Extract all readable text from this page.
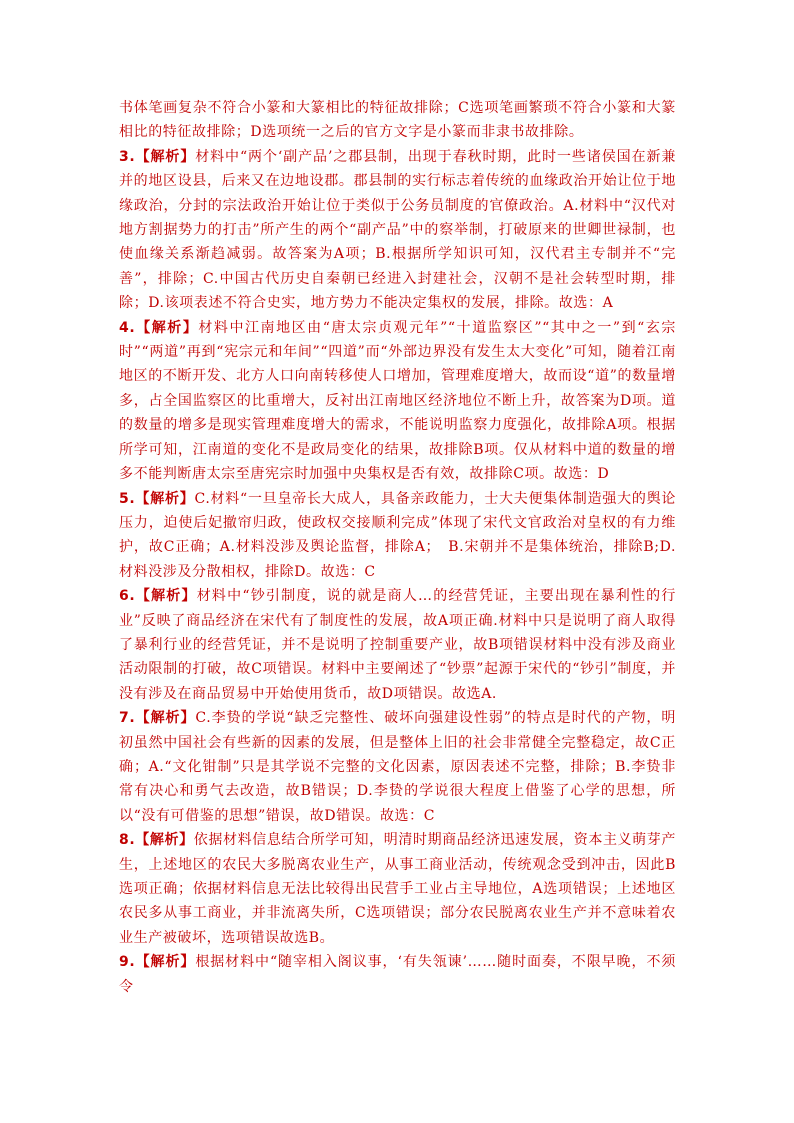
书体笔画复杂不符合小篆和大篆相比的特征故排除；C选项笔画繁琐不符合小篆和大篆相比的特征故排除；D选项统一之后的官方文字是小篆而非隶书故排除。

3.【解析】材料中“两个‘副产品’之郡县制，出现于春秋时期，此时一些诸侯国在新兼并的地区设县，后来又在边地设郡。郡县制的实行标志着传统的血缘政治开始让位于地缘政治，分封的宗法政治开始让位于类似于公务员制度的官僚政治。A.材料中“汉代对地方割据势力的打击”所产生的两个“副产品”中的察举制，打破原来的世卿世禄制，也使血缘关系渐趋减弱。故答案为A项；B.根据所学知识可知，汉代君主专制并不“完善”，排除；C.中国古代历史自秦朝已经进入封建社会，汉朝不是社会转型时期，排除；D.该项表述不符合史实，地方势力不能决定集权的发展，排除。故选：A

4.【解析】材料中江南地区由“唐太宗贞观元年”“十道监察区”“其中之一”到“玄宗时”“两道”再到“宪宗元和年间”“四道”而“外部边界没有发生太大变化”可知，随着江南地区的不断开发、北方人口向南转移使人口增加，管理难度增大，故而设“道”的数量增多，占全国监察区的比重增大，反衬出江南地区经济地位不断上升，故答案为D项。道的数量的增多是现实管理难度增大的需求，不能说明监察力度强化，故排除A项。根据所学可知，江南道的变化不是政局变化的结果，故排除B项。仅从材料中道的数量的增多不能判断唐太宗至唐宪宗时加强中央集权是否有效，故排除C项。故选：D

5.【解析】C.材料“一旦皇帝长大成人，具备亲政能力，士大夫便集体制造强大的舆论压力，迫使后妃撤帘归政，使政权交接顺利完成”体现了宋代文官政治对皇权的有力维护，故C正确；A.材料没涉及舆论监督，排除A；　B.宋朝并不是集体统治，排除B;D.材料没涉及分散相权，排除D。故选：C

6.【解析】材料中“钞引制度，说的就是商人…的经营凭证，主要出现在暴利性的行业”反映了商品经济在宋代有了制度性的发展，故A项正确.材料中只是说明了商人取得了暴利行业的经营凭证，并不是说明了控制重要产业，故B项错误材料中没有涉及商业活动限制的打破，故C项错误。材料中主要阐述了“钞票”起源于宋代的“钞引”制度，并没有涉及在商品贸易中开始使用货币，故D项错误。故选A.

7.【解析】C.李贽的学说“缺乏完整性、破坏向强建设性弱”的特点是时代的产物，明初虽然中国社会有些新的因素的发展，但是整体上旧的社会非常健全完整稳定，故C正确；A.“文化钳制”只是其学说不完整的文化因素，原因表述不完整，排除；B.李贽非常有决心和勇气去改造，故B错误；D.李贽的学说很大程度上借鉴了心学的思想，所以“没有可借鉴的思想”错误，故D错误。故选：C

8.【解析】依据材料信息结合所学可知，明清时期商品经济迅速发展，资本主义萌芽产生，上述地区的农民大多脱离农业生产，从事工商业活动，传统观念受到冲击，因此B选项正确；依据材料信息无法比较得出民营手工业占主导地位，A选项错误；上述地区农民多从事工商业，并非流离失所，C选项错误；部分农民脱离农业生产并不意味着农业生产被破坏，选项错误故选B。

9.【解析】根据材料中“随宰相入阁议事，‘有失瓴谏’……随时面奏，不限早晚，不须令
